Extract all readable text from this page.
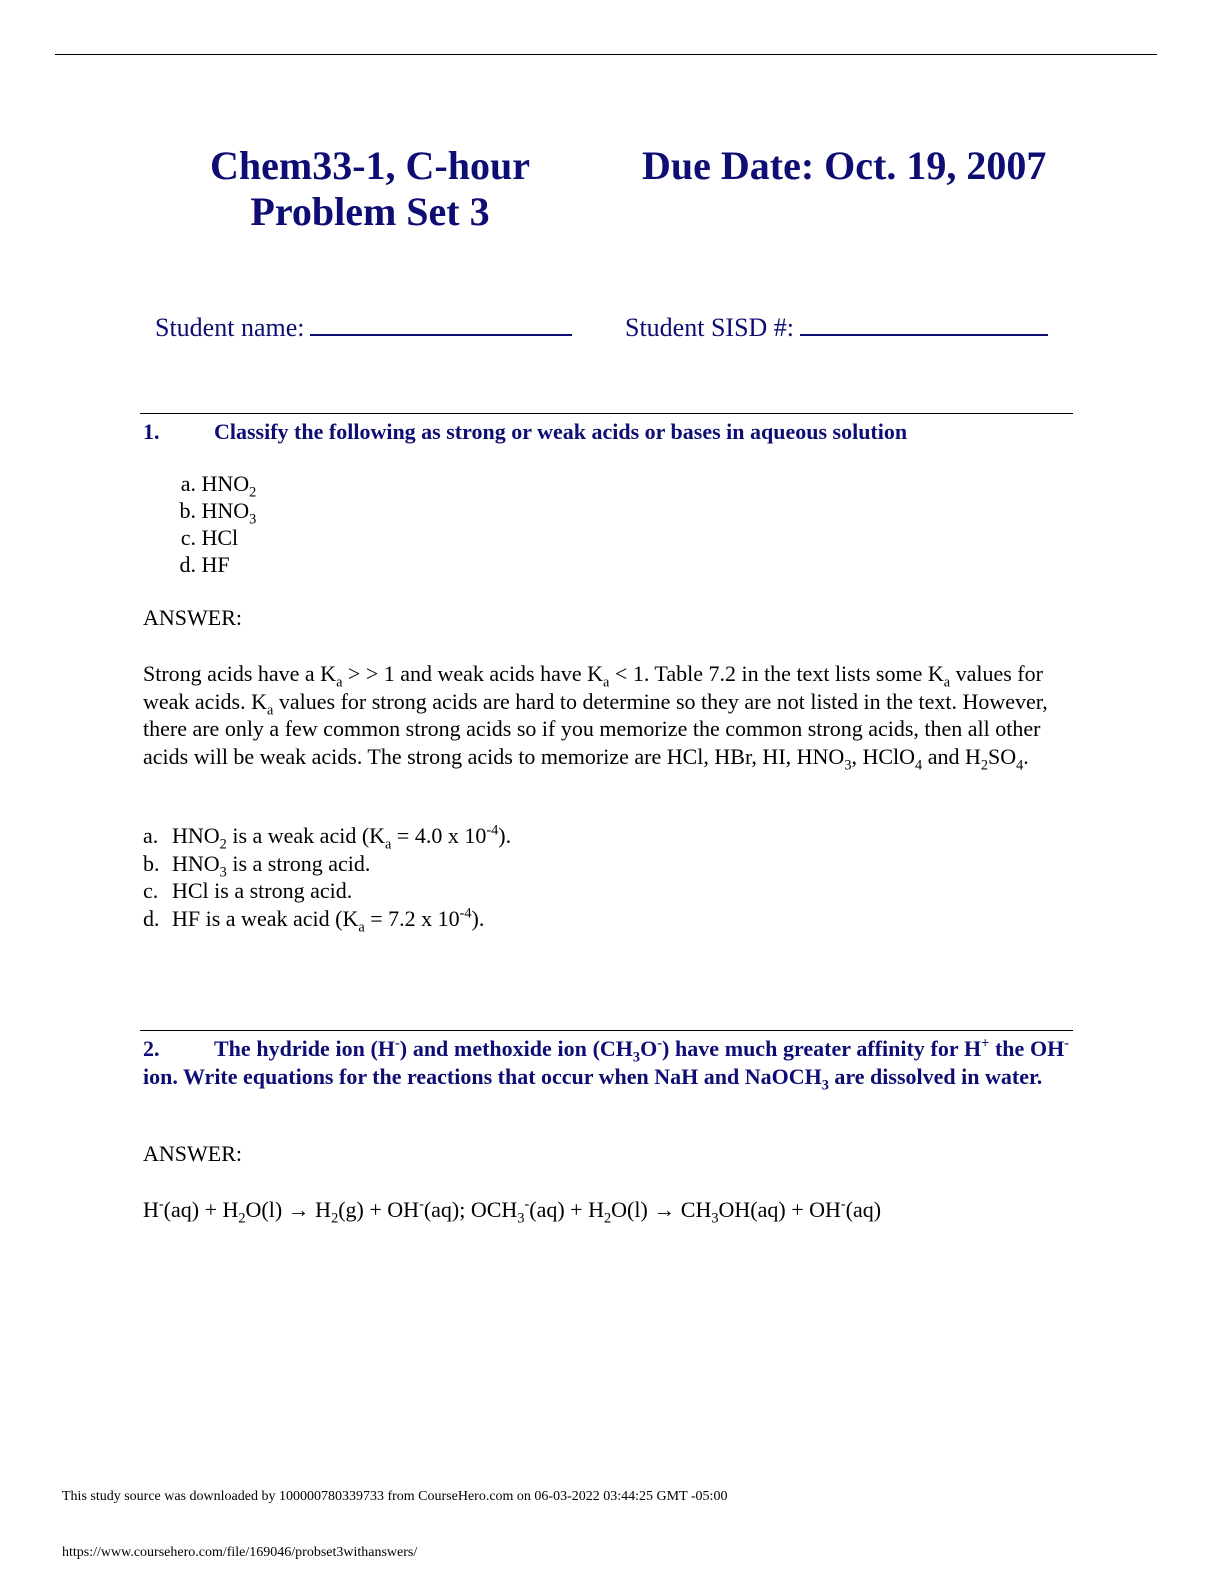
Chem33-1, C-hour
Problem Set 3
Due Date: Oct. 19, 2007
Student name:	Student SISD #:
1. Classify the following as strong or weak acids or bases in aqueous solution
a. $HNO_2$
b. $HNO_3$
c. HCl
d. HF
ANSWER:
Strong acids have a $K_a$ > > 1 and weak acids have $K_a < 1$. Table 7.2 in the text lists some $K_a$ values for weak acids. $K_a$ values for strong acids are hard to determine so they are not listed in the text. However, there are only a few common strong acids so if you memorize the common strong acids, then all other acids will be weak acids. The strong acids to memorize are HCl, HBr, HI, $HNO_3$, HClO$_4$ and $H_2SO_4$.
a. $HNO_2$ is a weak acid ($K_a = 4.0$ x $10^{-4}$).
b. $HNO_3$ is a strong acid.
c. HCl is a strong acid.
d. HF is a weak acid ($K_a = 7.2$ x $10^{-4}$).
2. The hydride ion (H-) and methoxide ion $(CH_3O^-)$ have much greater affinity for H+ the OH- ion. Write equations for the reactions that occur when NaH and NaOCH$_3$ are dissolved in water.
ANSWER:
$H^-(aq) + H_2O(l) \to H_2(g) + OH^-(aq)$; $OCH_3^-(aq) + H_2O(l) \to CH_3OH(aq) + OH^-(aq)$
This study source was downloaded by 100000780339733 from CourseHero.com on 06-03-2022 03:44:25 GMT -05:00
https://www.coursehero.com/file/169046/probset3withanswers/
